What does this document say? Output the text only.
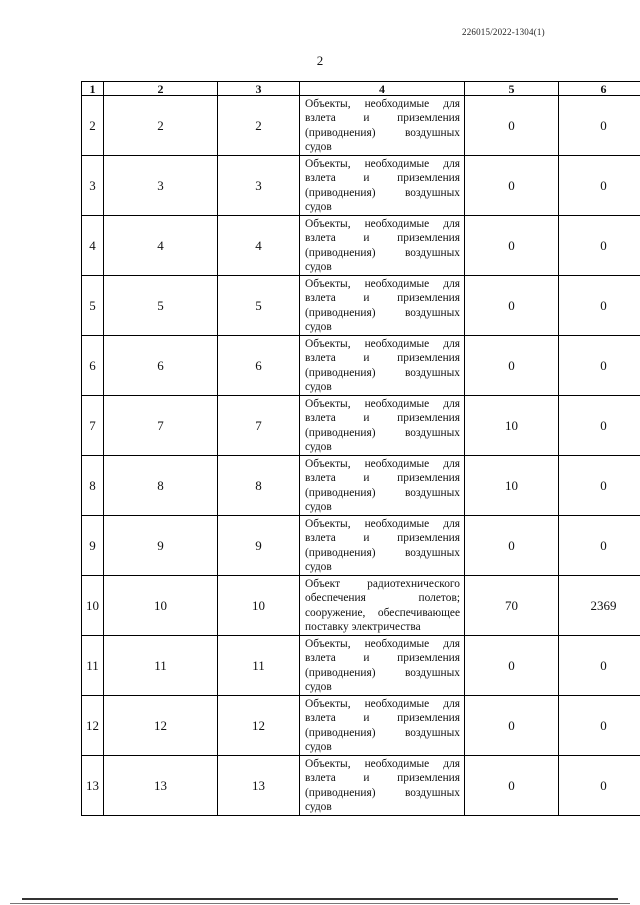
226015/2022-1304(1)
2
1	2	3	4	5	6
2	2	2	Объекты, необходимые для взлета и приземления (приводнения) воздушных судов	0	0
3	3	3	Объекты, необходимые для взлета и приземления (приводнения) воздушных судов	0	0
4	4	4	Объекты, необходимые для взлета и приземления (приводнения) воздушных судов	0	0
5	5	5	Объекты, необходимые для взлета и приземления (приводнения) воздушных судов	0	0
6	6	6	Объекты, необходимые для взлета и приземления (приводнения) воздушных судов	0	0
7	7	7	Объекты, необходимые для взлета и приземления (приводнения) воздушных судов	10	0
8	8	8	Объекты, необходимые для взлета и приземления (приводнения) воздушных судов	10	0
9	9	9	Объекты, необходимые для взлета и приземления (приводнения) воздушных судов	0	0
10	10	10	Объект радиотехнического обеспечения полетов; сооружение, обеспечивающее поставку электричества	70	2369
11	11	11	Объекты, необходимые для взлета и приземления (приводнения) воздушных судов	0	0
12	12	12	Объекты, необходимые для взлета и приземления (приводнения) воздушных судов	0	0
13	13	13	Объекты, необходимые для взлета и приземления (приводнения) воздушных судов	0	0
